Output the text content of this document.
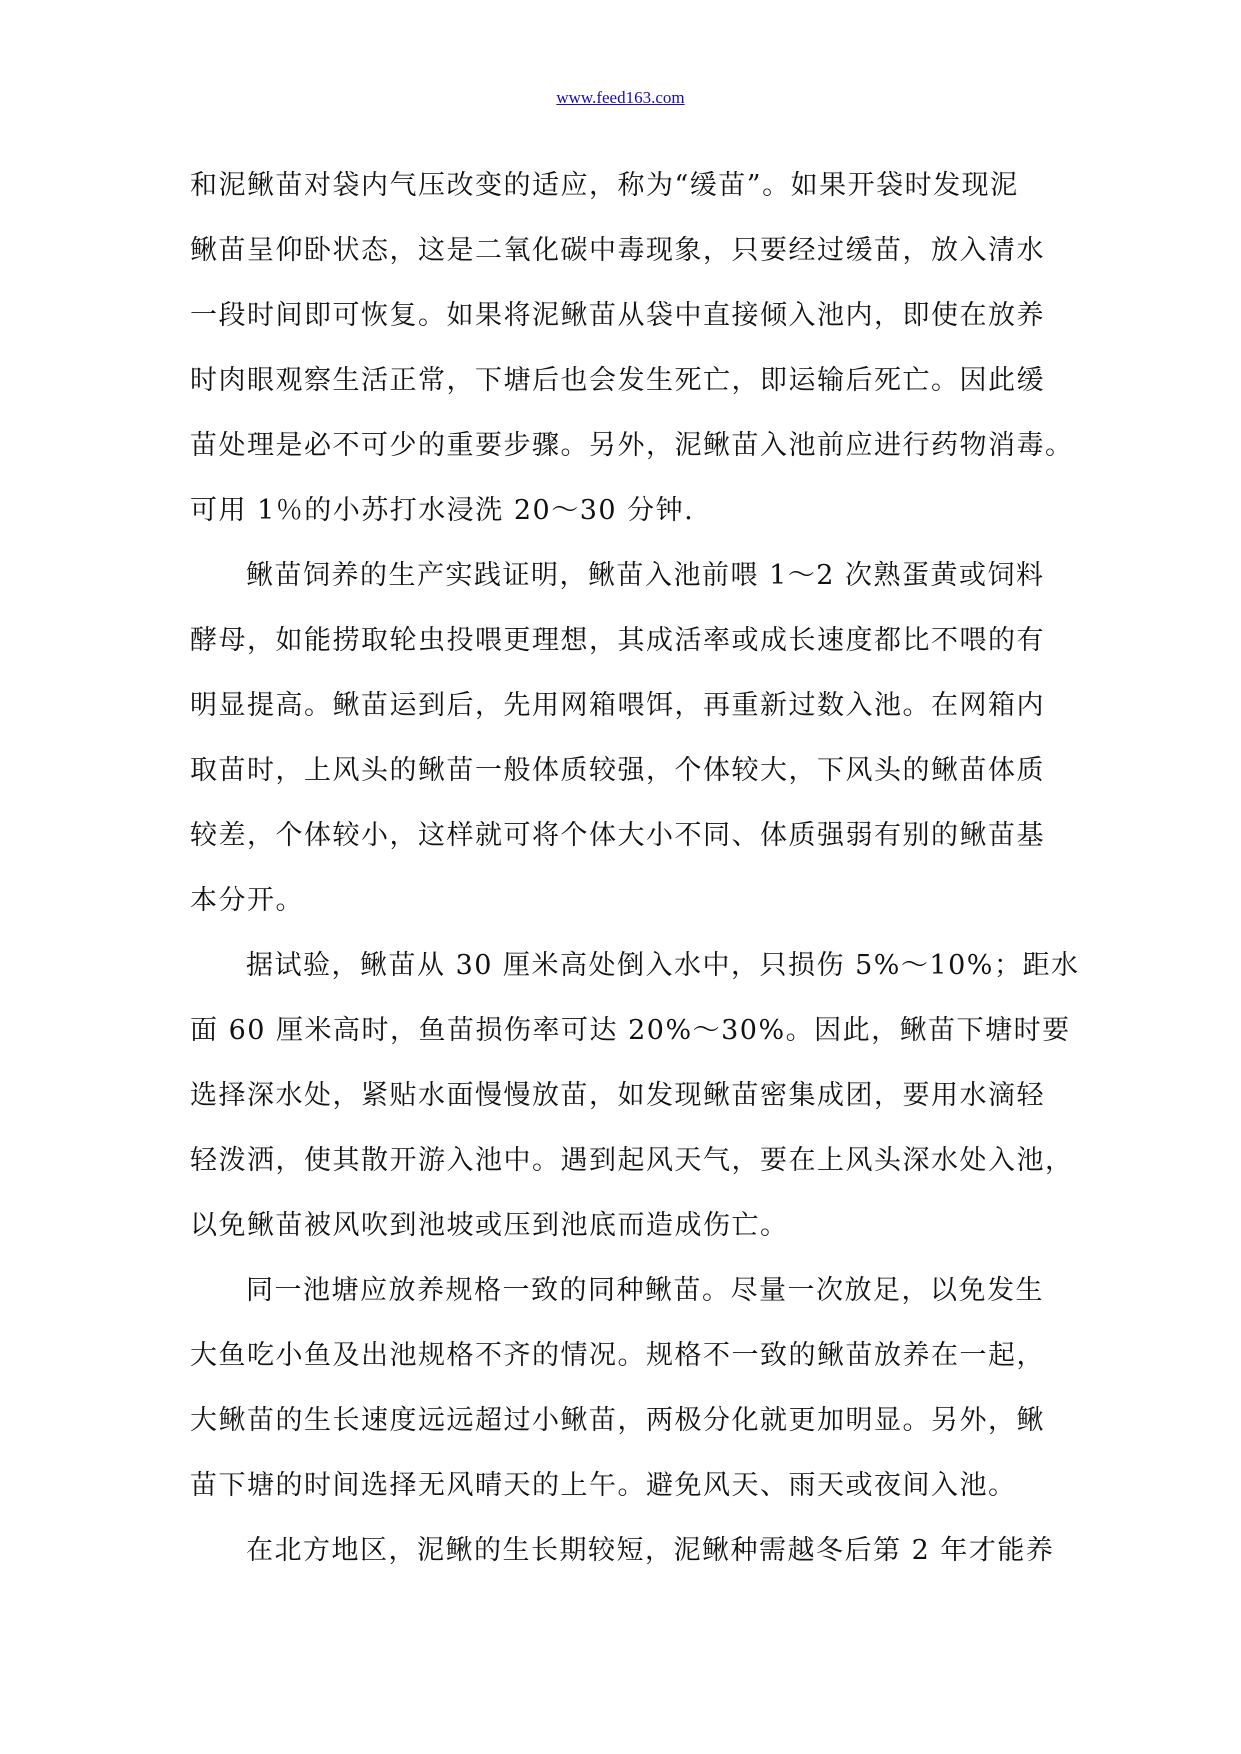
www.feed163.com
和泥鳅苗对袋内气压改变的适应，称为“缓苗”。如果开袋时发现泥
鳅苗呈仰卧状态，这是二氧化碳中毒现象，只要经过缓苗，放入清水
一段时间即可恢复。如果将泥鳅苗从袋中直接倾入池内，即使在放养
时肉眼观察生活正常，下塘后也会发生死亡，即运输后死亡。因此缓
苗处理是必不可少的重要步骤。另外，泥鳅苗入池前应进行药物消毒。
可用 1％的小苏打水浸洗 20～30 分钟.
鳅苗饲养的生产实践证明，鳅苗入池前喂 1～2 次熟蛋黄或饲料
酵母，如能捞取轮虫投喂更理想，其成活率或成长速度都比不喂的有
明显提高。鳅苗运到后，先用网箱喂饵，再重新过数入池。在网箱内
取苗时，上风头的鳅苗一般体质较强，个体较大，下风头的鳅苗体质
较差，个体较小，这样就可将个体大小不同、体质强弱有别的鳅苗基
本分开。
据试验，鳅苗从 30 厘米高处倒入水中，只损伤 5%～10%；距水
面 60 厘米高时，鱼苗损伤率可达 20%～30%。因此，鳅苗下塘时要
选择深水处，紧贴水面慢慢放苗，如发现鳅苗密集成团，要用水滴轻
轻泼洒，使其散开游入池中。遇到起风天气，要在上风头深水处入池，
以免鳅苗被风吹到池坡或压到池底而造成伤亡。
同一池塘应放养规格一致的同种鳅苗。尽量一次放足，以免发生
大鱼吃小鱼及出池规格不齐的情况。规格不一致的鳅苗放养在一起，
大鳅苗的生长速度远远超过小鳅苗，两极分化就更加明显。另外，鳅
苗下塘的时间选择无风晴天的上午。避免风天、雨天或夜间入池。
在北方地区，泥鳅的生长期较短，泥鳅种需越冬后第 2 年才能养
